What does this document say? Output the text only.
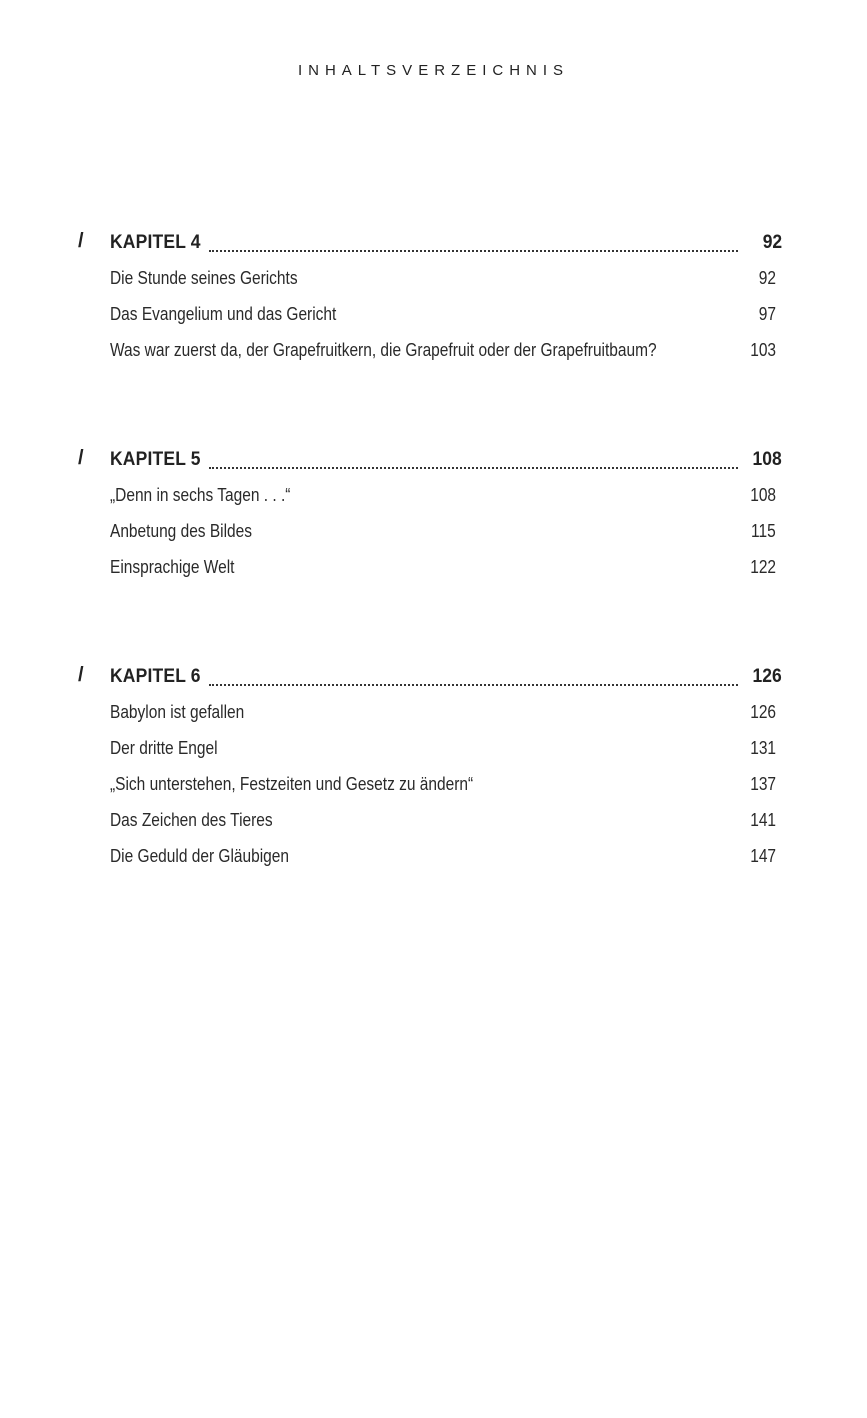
INHALTSVERZEICHNIS
/ KAPITEL 4	92
Die Stunde seines Gerichts	92
Das Evangelium und das Gericht	97
Was war zuerst da, der Grapefruitkern, die Grapefruit oder der Grapefruitbaum?	103
/ KAPITEL 5	108
„Denn in sechs Tagen . . .“	108
Anbetung des Bildes	115
Einsprachige Welt	122
/ KAPITEL 6	126
Babylon ist gefallen	126
Der dritte Engel	131
„Sich unterstehen, Festzeiten und Gesetz zu ändern“	137
Das Zeichen des Tieres	141
Die Geduld der Gläubigen	147
